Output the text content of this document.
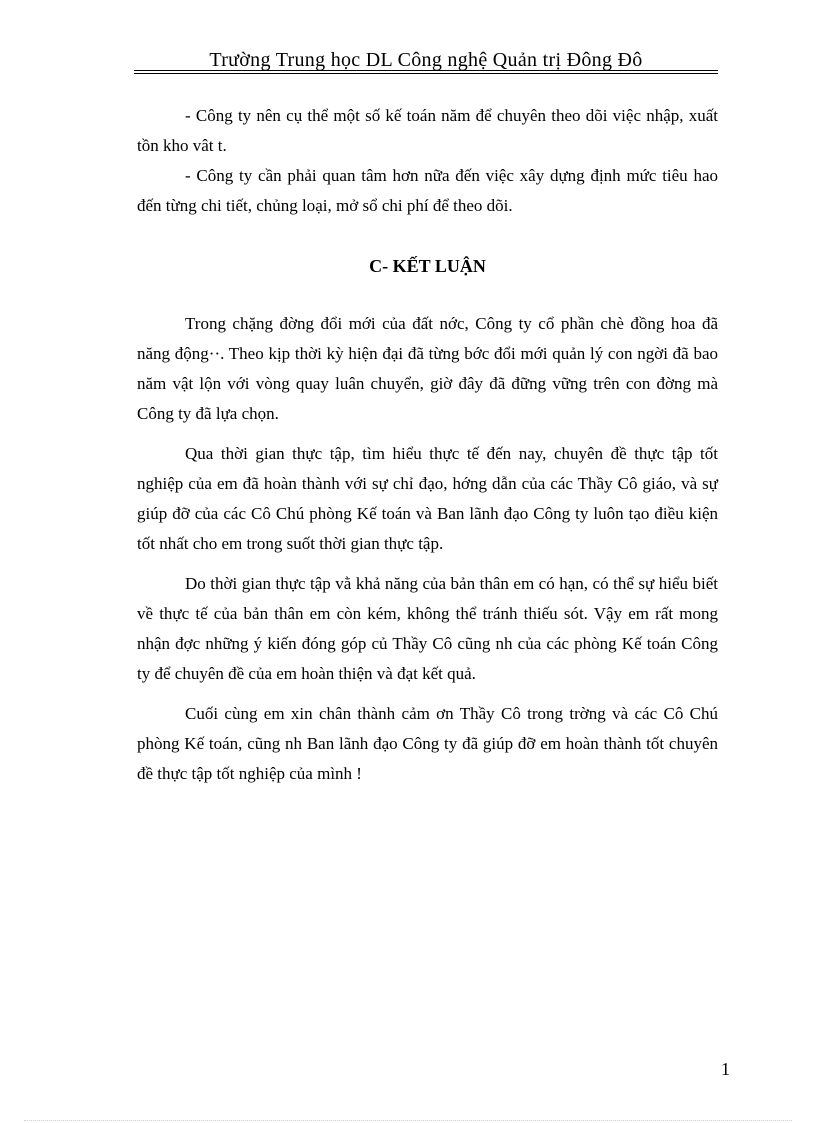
Trường Trung học DL Công nghệ Quản trị Đông Đô

- Công ty nên cụ thể một số kế toán năm để chuyên theo dõi việc nhập, xuất tồn kho vât t.

- Công ty cần phải quan tâm hơn nữa đến việc xây dựng định mức tiêu hao đến từng chi tiết, chủng loại, mở sổ chi phí để theo dõi.

C- KẾT LUẬN

Trong chặng đờng đổi mới của đất nớc, Công ty cổ phần chè đồng hoa đã năng động··. Theo kịp thời kỳ hiện đại đã từng bớc đổi mới quản lý con ngời đã bao năm vật lộn với vòng quay luân chuyển, giờ đây đã đững vững trên con đờng mà Công ty đã lựa chọn.

Qua thời gian thực tập, tìm hiểu thực tế đến nay, chuyên đề thực tập tốt nghiệp của em đã hoàn thành với sự chỉ đạo, hớng dẫn của các Thầy Cô giáo, và sự giúp đỡ của các Cô Chú phòng Kế toán và Ban lãnh đạo Công ty luôn tạo điều kiện tốt nhất cho em trong suốt thời gian thực tập.

Do thời gian thực tập vằ khả năng của bản thân em có hạn, có thể sự hiểu biết về thực tế của bản thân em còn kém, không thể tránh thiếu sót. Vậy em rất mong nhận đợc những ý kiến đóng góp củ Thầy Cô cũng nh của các phòng Kế toán Công ty để chuyên đề của em hoàn thiện và đạt kết quả.

Cuối cùng em xin chân thành cảm ơn Thầy Cô trong trờng và các Cô Chú phòng Kế toán, cũng nh Ban lãnh đạo Công ty đã giúp đỡ em hoàn thành tốt chuyên đề thực tập tốt nghiệp của mình !

1
